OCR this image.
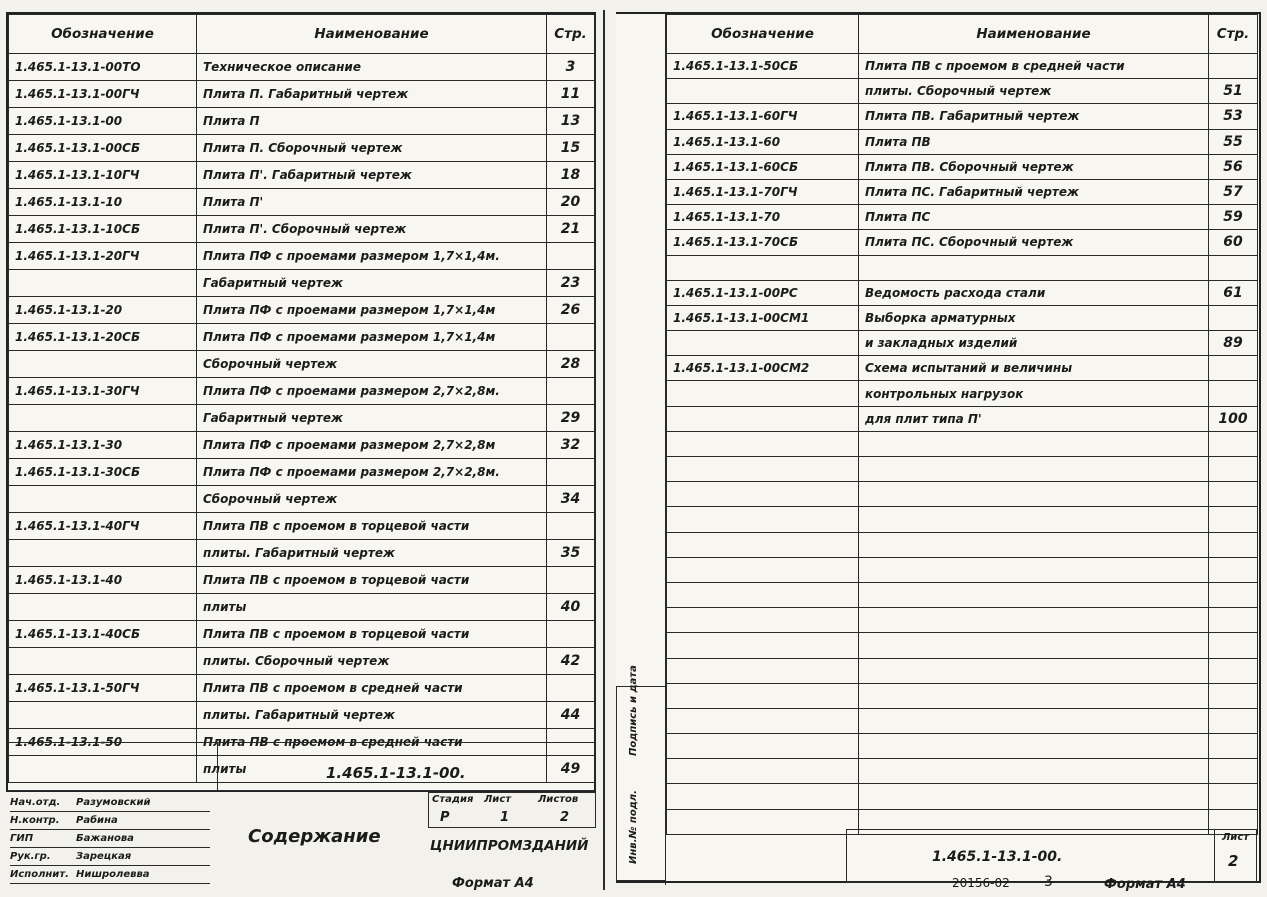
Обозначение	Наименование	Стр.
1.465.1-13.1-00ТО	Техническое описание	3
1.465.1-13.1-00ГЧ	Плита П. Габаритный чертеж	11
1.465.1-13.1-00	Плита П	13
1.465.1-13.1-00СБ	Плита П. Сборочный чертеж	15
1.465.1-13.1-10ГЧ	Плита П'. Габаритный чертеж	18
1.465.1-13.1-10	Плита П'	20
1.465.1-13.1-10СБ	Плита П'. Сборочный чертеж	21
1.465.1-13.1-20ГЧ	Плита ПФ с проемами размером 1,7×1,4м.	
	Габаритный чертеж	23
1.465.1-13.1-20	Плита ПФ с проемами размером 1,7×1,4м	26
1.465.1-13.1-20СБ	Плита ПФ с проемами размером 1,7×1,4м	
	Сборочный чертеж	28
1.465.1-13.1-30ГЧ	Плита ПФ с проемами размером 2,7×2,8м.	
	Габаритный чертеж	29
1.465.1-13.1-30	Плита ПФ с проемами размером 2,7×2,8м	32
1.465.1-13.1-30СБ	Плита ПФ с проемами размером 2,7×2,8м.	
	Сборочный чертеж	34
1.465.1-13.1-40ГЧ	Плита ПВ с проемом в торцевой части	
	плиты. Габаритный чертеж	35
1.465.1-13.1-40	Плита ПВ с проемом в торцевой части	
	плиты	40
1.465.1-13.1-40СБ	Плита ПВ с проемом в торцевой части	
	плиты. Сборочный чертеж	42
1.465.1-13.1-50ГЧ	Плита ПВ с проемом в средней части	
	плиты. Габаритный чертеж	44
1.465.1-13.1-50	Плита ПВ с проемом в средней части	
	плиты	49
1.465.1-13.1-00.
Содержание
Стадия Лист	Листов
Р	1	2
ЦНИИПРОМЗДАНИЙ
Нач.отд.	Разумовский
Н.контр.	Рабина
ГИП	Бажанова
Рук.гр.	Зарецкая
Исполнит. Нишролевва
Формат А4
Подпись и дата
Инв.№ подл.
Обозначение	Наименование	Стр.
1.465.1-13.1-50СБ	Плита ПВ с проемом в средней части	
	плиты. Сборочный чертеж	51
1.465.1-13.1-60ГЧ	Плита ПВ. Габаритный чертеж	53
1.465.1-13.1-60	Плита ПВ	55
1.465.1-13.1-60СБ	Плита ПВ. Сборочный чертеж	56
1.465.1-13.1-70ГЧ	Плита ПС. Габаритный чертеж	57
1.465.1-13.1-70	Плита ПС	59
1.465.1-13.1-70СБ	Плита ПС. Сборочный чертеж	60

1.465.1-13.1-00РС	Ведомость расхода стали	61
1.465.1-13.1-00СМ1	Выборка арматурных	
	и закладных изделий	89
1.465.1-13.1-00СМ2	Схема испытаний и величины	
	контрольных нагрузок	
	для плит типа П'	100

1.465.1-13.1-00.
Лист
2
20156-02 3	Формат А4
